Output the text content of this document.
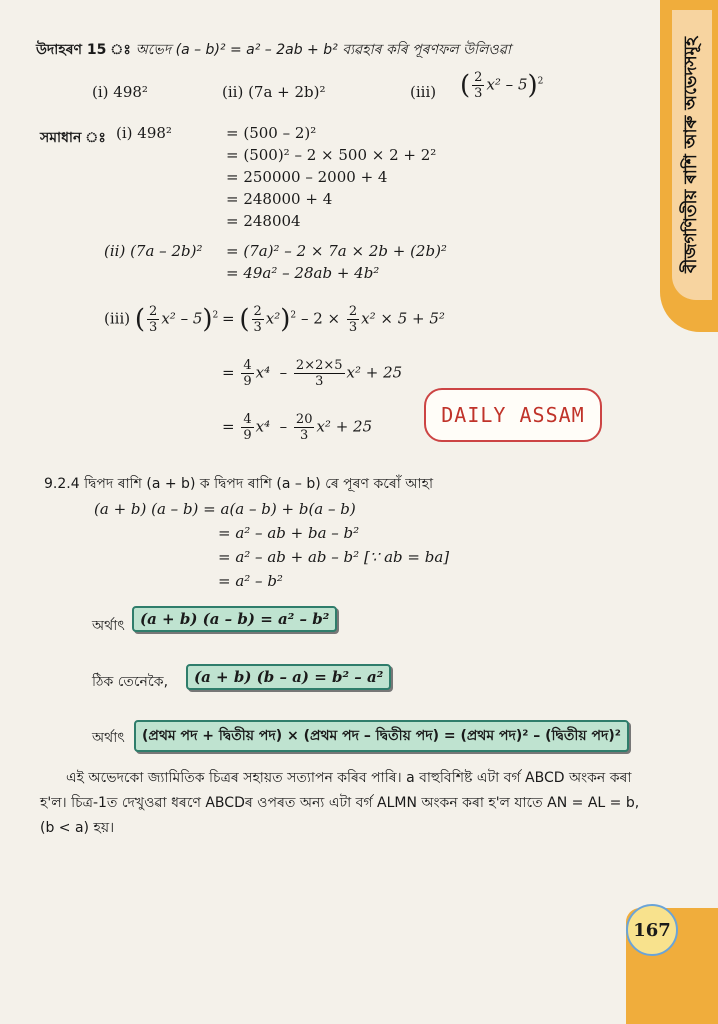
বীজগণিতীয় ৰাশি আৰু অভেদসমূহ
167
উদাহৰণ 15 ঃ অভেদ (a – b)² = a² – 2ab + b² ব্যৱহাৰ কৰি পূৰণফল উলিওৱা
(i) 498²	(ii) (7a + 2b)²	(iii) ( $\frac{2}{3} x^2 - 5)^2$
সমাধান ঃ (i) 498²	= (500 – 2)²
= (500)² – 2 × 500 × 2 + 2²
= 250000 – 2000 + 4
= 248000 + 4
= 248004
(ii) (7a – 2b)² = (7a)² – 2 × 7a × 2b + (2b)²
= 49a² – 28ab + 4b²
(iii) ( $\frac{2}{3} x^2 - 5)^2$ = ( $\frac{2}{3} x^2)^2 - 2 \times \frac{2}{3} x^2 \times 5 + 5^2$
= $\frac{4}{9} x^4 - \frac{2\times 2\times 5}{3} x^2 + 25$
= $\frac{4}{9} x^4 - \frac{20}{3} x^2 + 25$	DAILY ASSAM
9.2.4 দ্বিপদ ৰাশি (a + b) ক দ্বিপদ ৰাশি (a – b) ৰে পূৰণ কৰোঁ আহা
(a + b) (a – b) = a(a – b) + b(a – b)
= a² – ab + ba – b²
= a² – ab + ab – b² [∵ ab = ba]
= a² – b²
অৰ্থাৎ	(a + b) (a – b) = a² – b²
ঠিক তেনেকৈ,	(a + b) (b – a) = b² – a²
অৰ্থাৎ	(প্ৰথম পদ + দ্বিতীয় পদ) × (প্ৰথম পদ – দ্বিতীয় পদ) = (প্ৰথম পদ)² – (দ্বিতীয় পদ)²
এই অভেদকো জ্যামিতিক চিত্ৰৰ সহায়ত সত্যাপন কৰিব পাৰি। a বাহুবিশিষ্ট এটা বৰ্গ ABCD অংকন কৰা
হ'ল। চিত্ৰ-1ত দেখুওৱা ধৰণে ABCDৰ ওপৰত অন্য এটা বৰ্গ ALMN অংকন কৰা হ'ল যাতে AN = AL = b,
(b < a) হয়।
